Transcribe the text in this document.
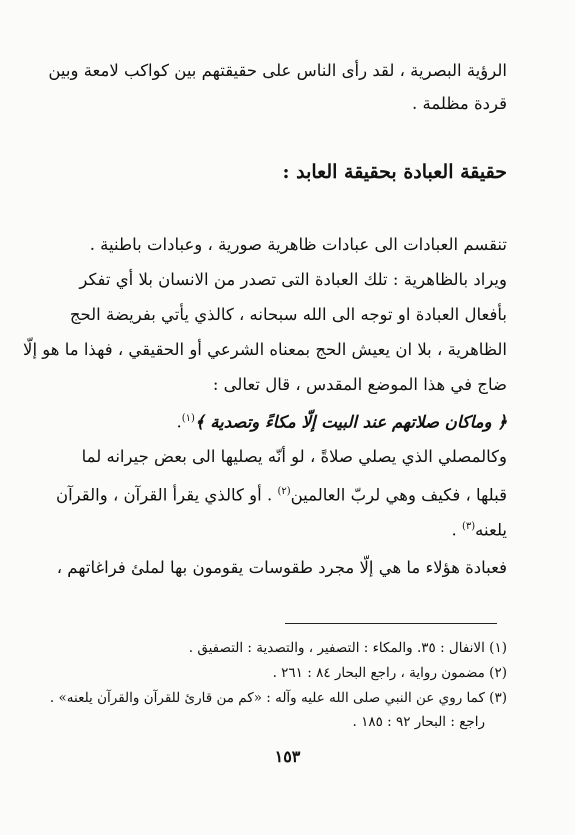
الرؤية البصرية ، لقد رأى الناس على حقيقتهم بين كواكب لامعة وبين
قردة مظلمة .
حقيقة العبادة بحقيقة العابد :
تنقسم العبادات الى عبادات ظاهرية صورية ، وعبادات باطنية .
ويراد بالظاهرية : تلك العبادة التى تصدر من الانسان بلا أي تفكر
بأفعال العبادة او توجه الى الله سبحانه ، كالذي يأتي بفريضة الحج
الظاهرية ، بلا ان يعيش الحج بمعناه الشرعي أو الحقيقي ، فهذا ما هو إلّا
ضاج في هذا الموضع المقدس ، قال تعالى :
﴿ وماكان صلاتهم عند البيت إلّا مكاءً وتصدية ﴾$^{(١)}$.
وكالمصلي الذي يصلي صلاةً ، لو أنّه يصليها الى بعض جيرانه لما
قبلها ، فكيف وهي لربّ العالمين$^{(٢)}$ . أو كالذي يقرأ القرآن ، والقرآن
يلعنه$^{(٣)}$ .
فعبادة هؤلاء ما هي إلّا مجرد طقوسات يقومون بها لملئ فراغاتهم ،
(١) الانفال : ٣٥. والمكاء : التصفير ، والتصدية : التصفيق .
(٢) مضمون رواية ، راجع البحار ٨٤ : ٢٦١ .
(٣) كما روي عن النبي صلى الله عليه وآله : «كم من قارئ للقرآن والقرآن يلعنه» .
راجع : البحار ٩٢ : ١٨٥ .
١٥٣
